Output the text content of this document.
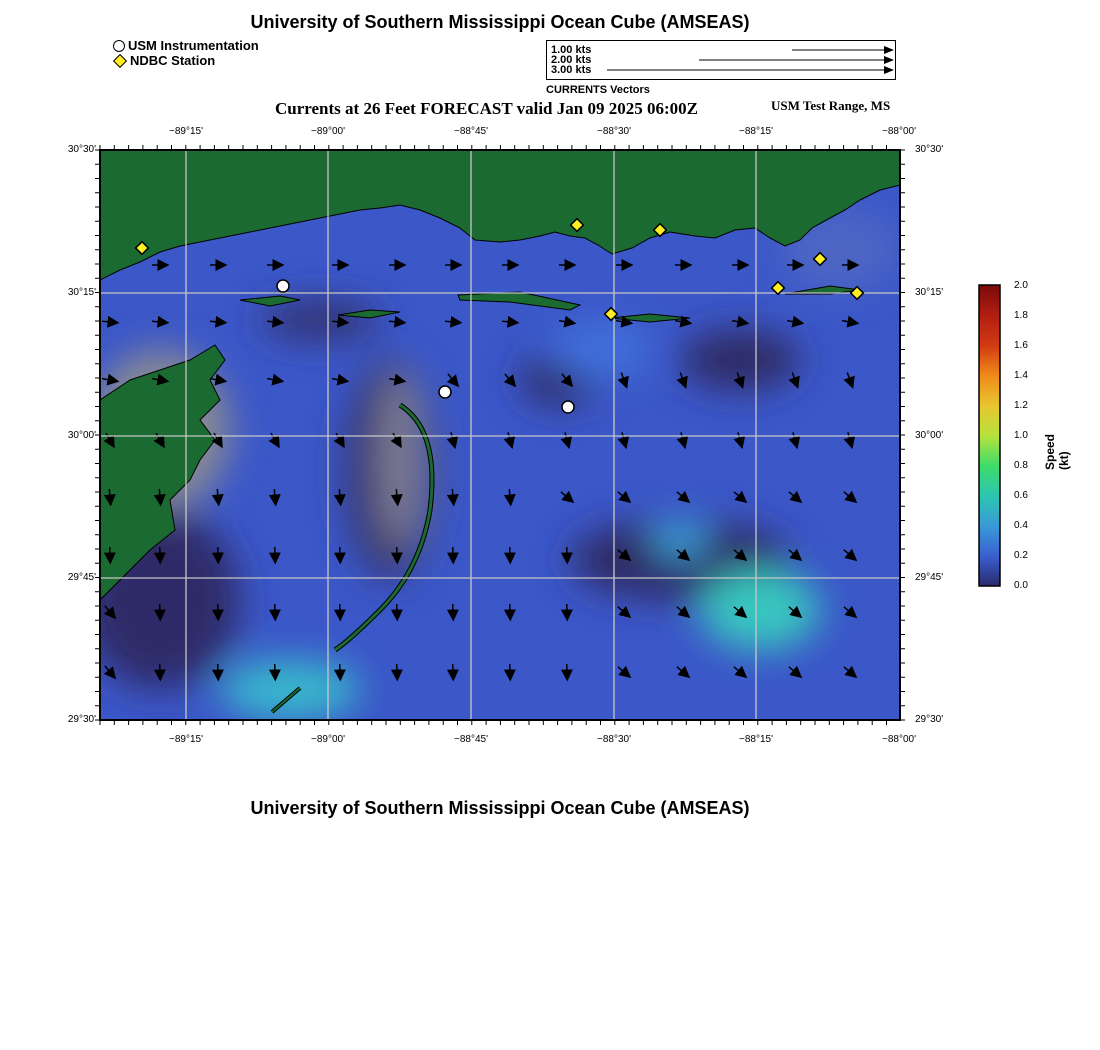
University of Southern Mississippi Ocean Cube (AMSEAS)
USM Instrumentation
NDBC Station
1.00 kts
2.00 kts
3.00 kts
CURRENTS Vectors
Currents at 26 Feet FORECAST valid Jan 09 2025 06:00Z	USM Test Range, MS
−89°15'	−89°00'	−88°45'	−88°30'	−88°15'	−88°00'
−89°15'	−89°00'	−88°45'	−88°30'	−88°15'	−88°00'
30°30'
30°15'
30°00'
29°45'
29°30'
30°30'
30°15'
30°00'
29°45'
29°30'
2.0
1.8
1.6
1.4
1.2
1.0
0.8
0.6
0.4
0.2
0.0
Speed (kt)
University of Southern Mississippi Ocean Cube (AMSEAS)
